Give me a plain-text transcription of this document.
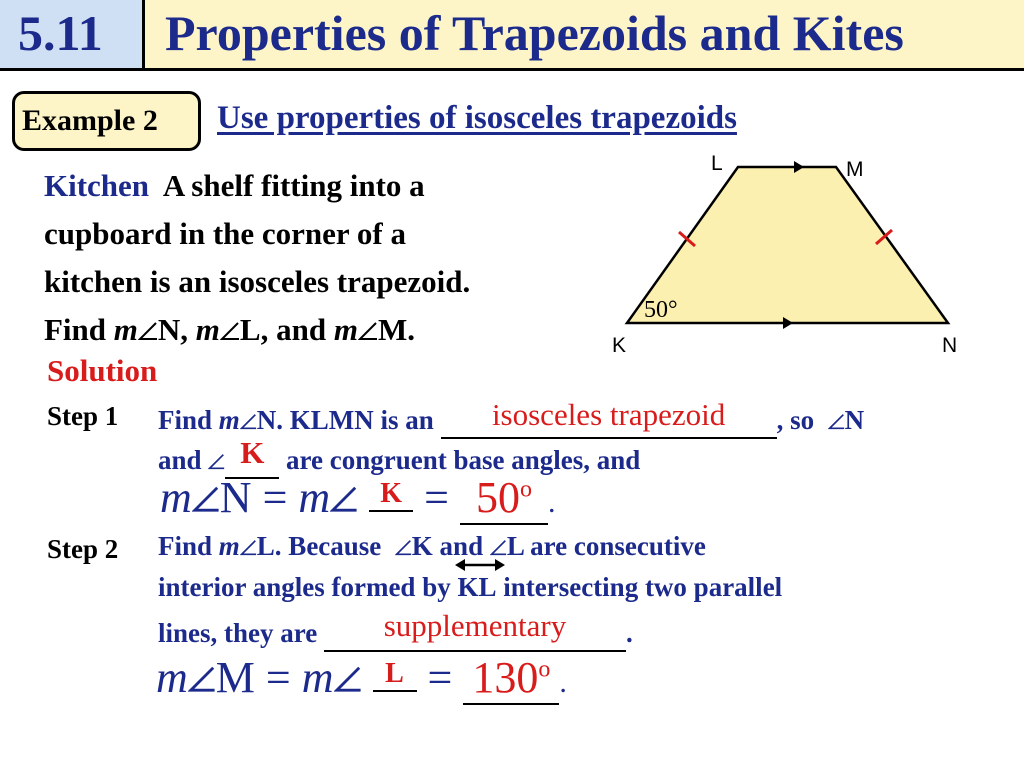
5.11 Properties of Trapezoids and Kites
Example 2 Use properties of isosceles trapezoids
Kitchen A shelf fitting into a
cupboard in the corner of a
kitchen is an isosceles trapezoid.
Find m N, m L, and m M.
L	M
K	N
50°
Solution
Step 1 Find m N. KLMN is an isosceles trapezoid , so N
and K are congruent base angles, and
m N = m $K = 50^o$ .
Step 2 Find m L. Because K and L are consecutive
interior angles formed by KL intersecting two parallel
lines, they are supplementary .
m M = m $L = 130^o$ .
